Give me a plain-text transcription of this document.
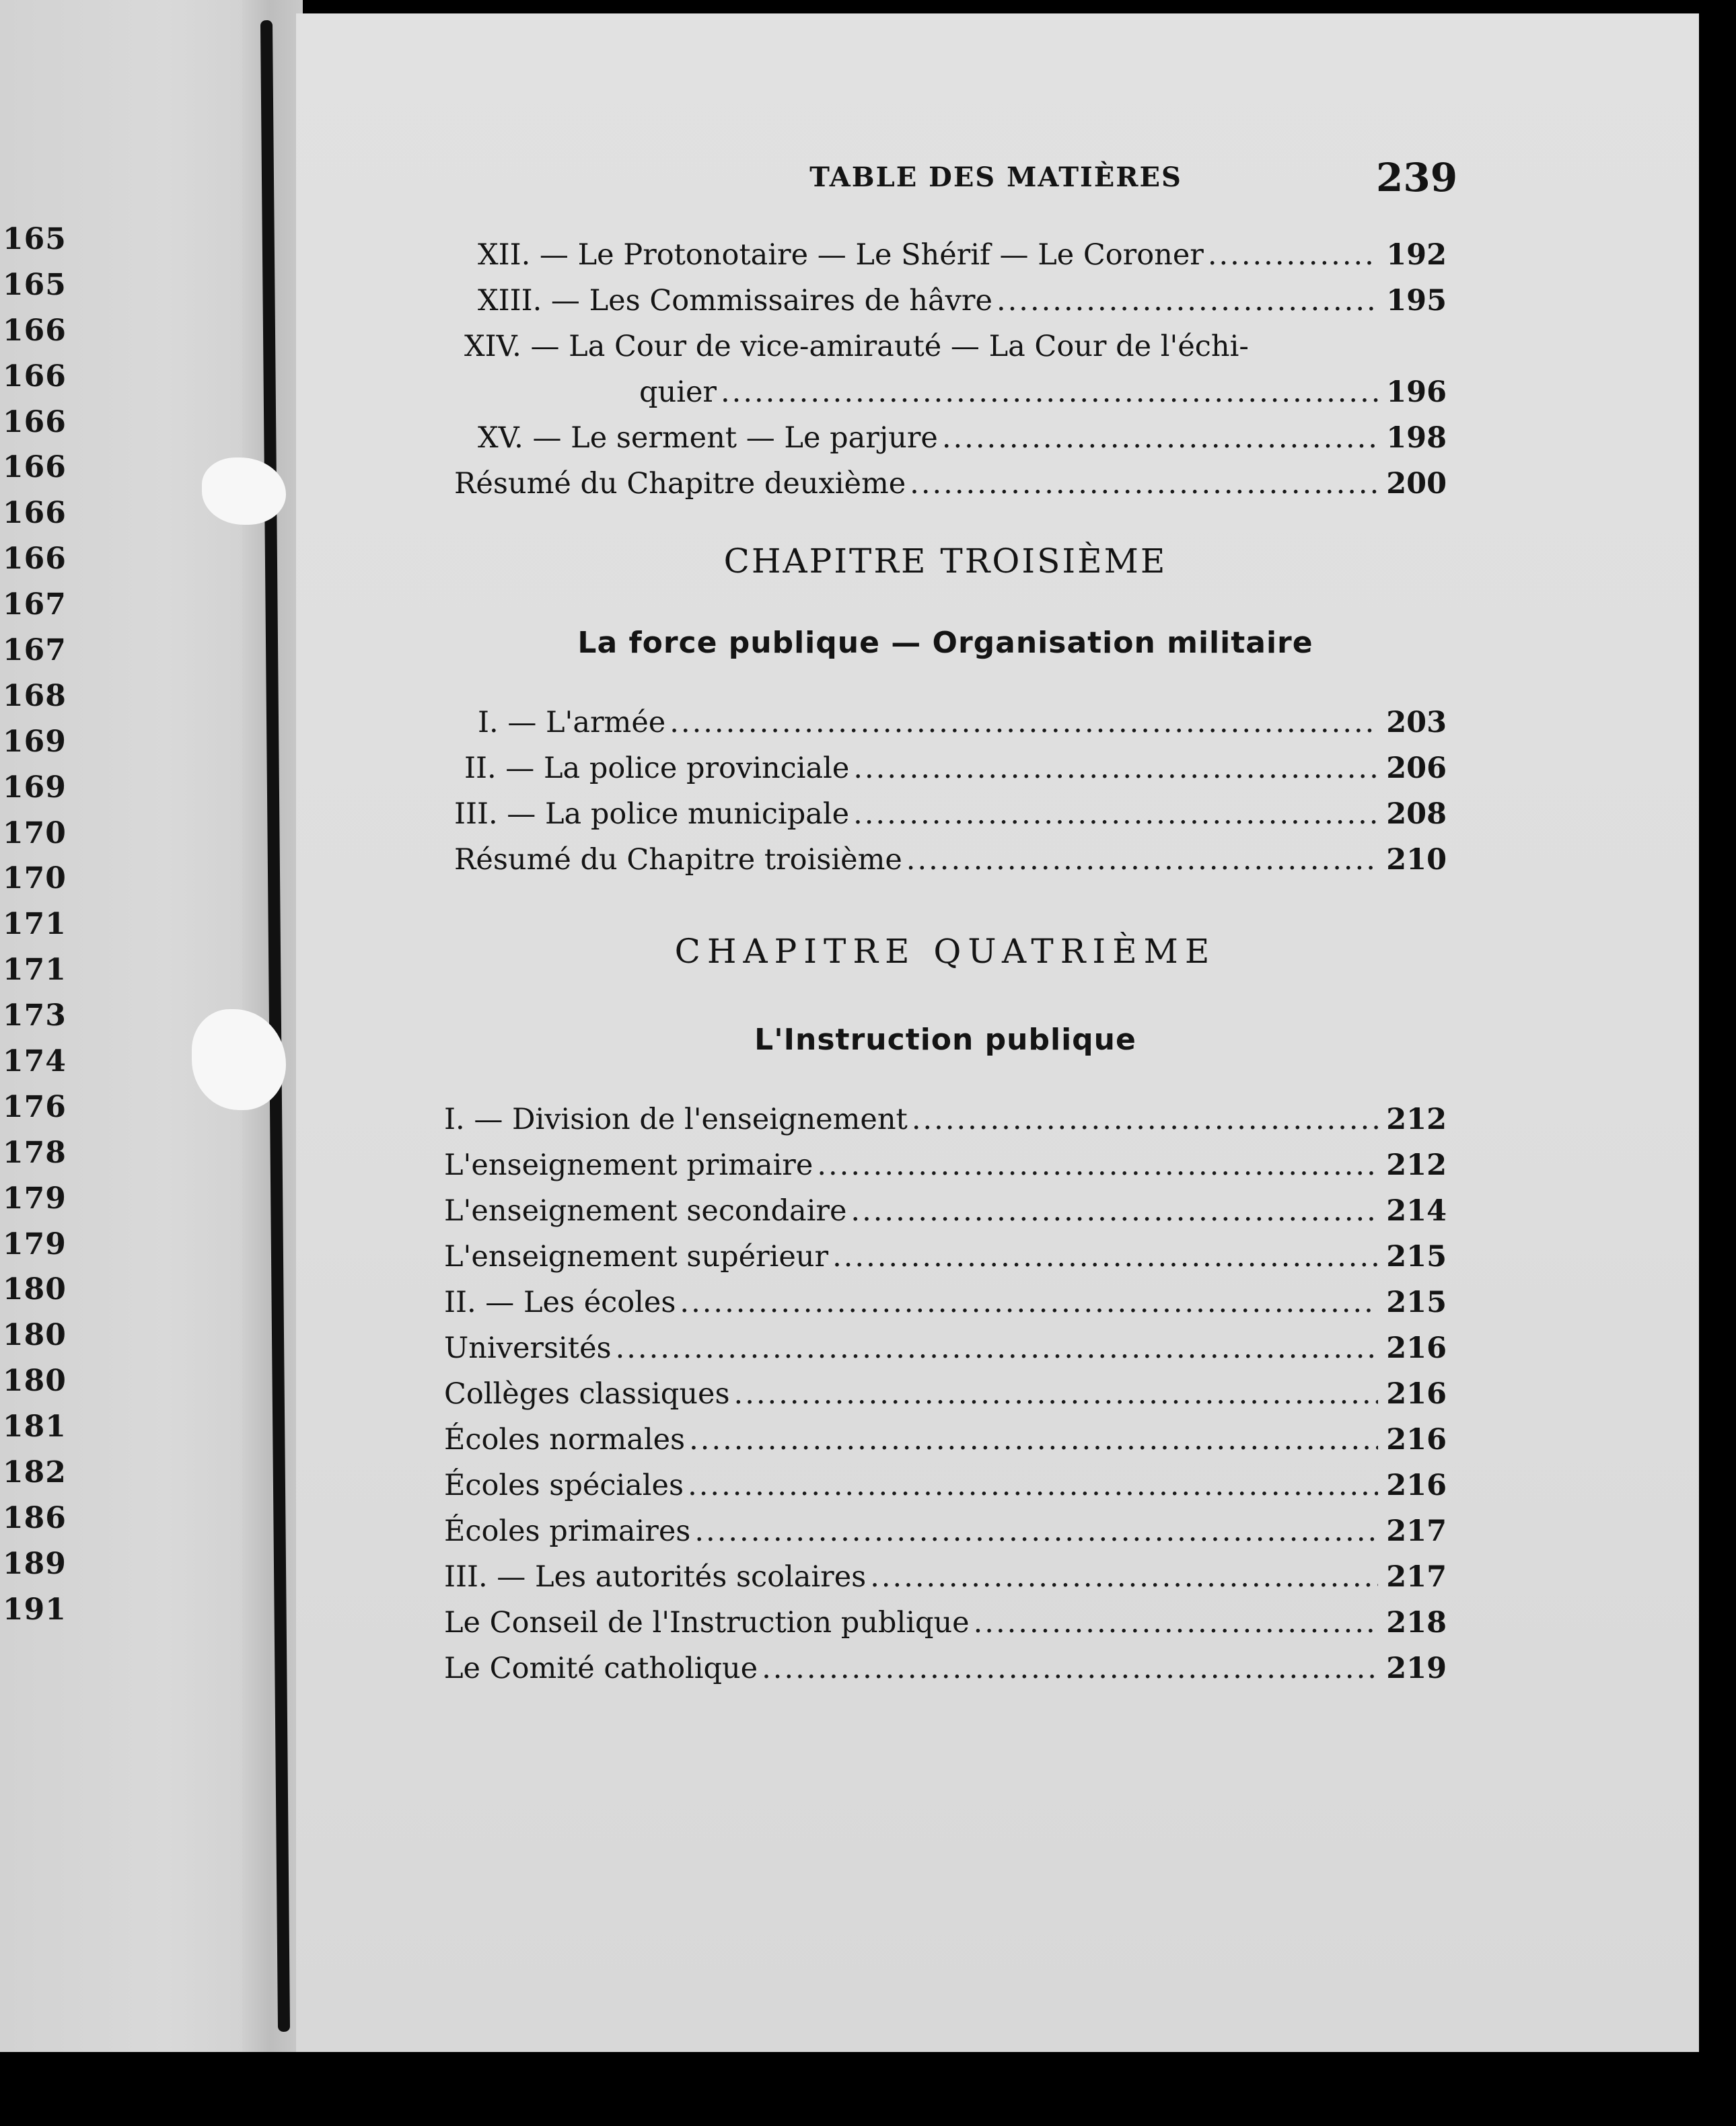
165
165
166
166
166
166
166
166
167
167
168
169
169
170
170
171
171
173
174
176
178
179
179
180
180
180
181
182
186
189
191
TABLE DES MATIÈRES	239
XII. — Le Protonotaire — Le Shérif — Le Coroner .....	192
XIII. — Les Commissaires de hâvre .....	195
XIV. — La Cour de vice-amirauté — La Cour de l'échi-
quier .....	196
XV. — Le serment — Le parjure .....	198
Résumé du Chapitre deuxième .....	200
CHAPITRE TROISIÈME
La force publique — Organisation militaire
I. — L'armée .....	203
II. — La police provinciale .....	206
III. — La police municipale .....	208
Résumé du Chapitre troisième .....	210
CHAPITRE QUATRIÈME
L'Instruction publique
I. — Division de l'enseignement .....	212
L'enseignement primaire .....	212
L'enseignement secondaire .....	214
L'enseignement supérieur .....	215
II. — Les écoles .....	215
Universités .....	216
Collèges classiques .....	216
Écoles normales .....	216
Écoles spéciales .....	216
Écoles primaires .....	217
III. — Les autorités scolaires .....	217
Le Conseil de l'Instruction publique .....	218
Le Comité catholique .....	219
